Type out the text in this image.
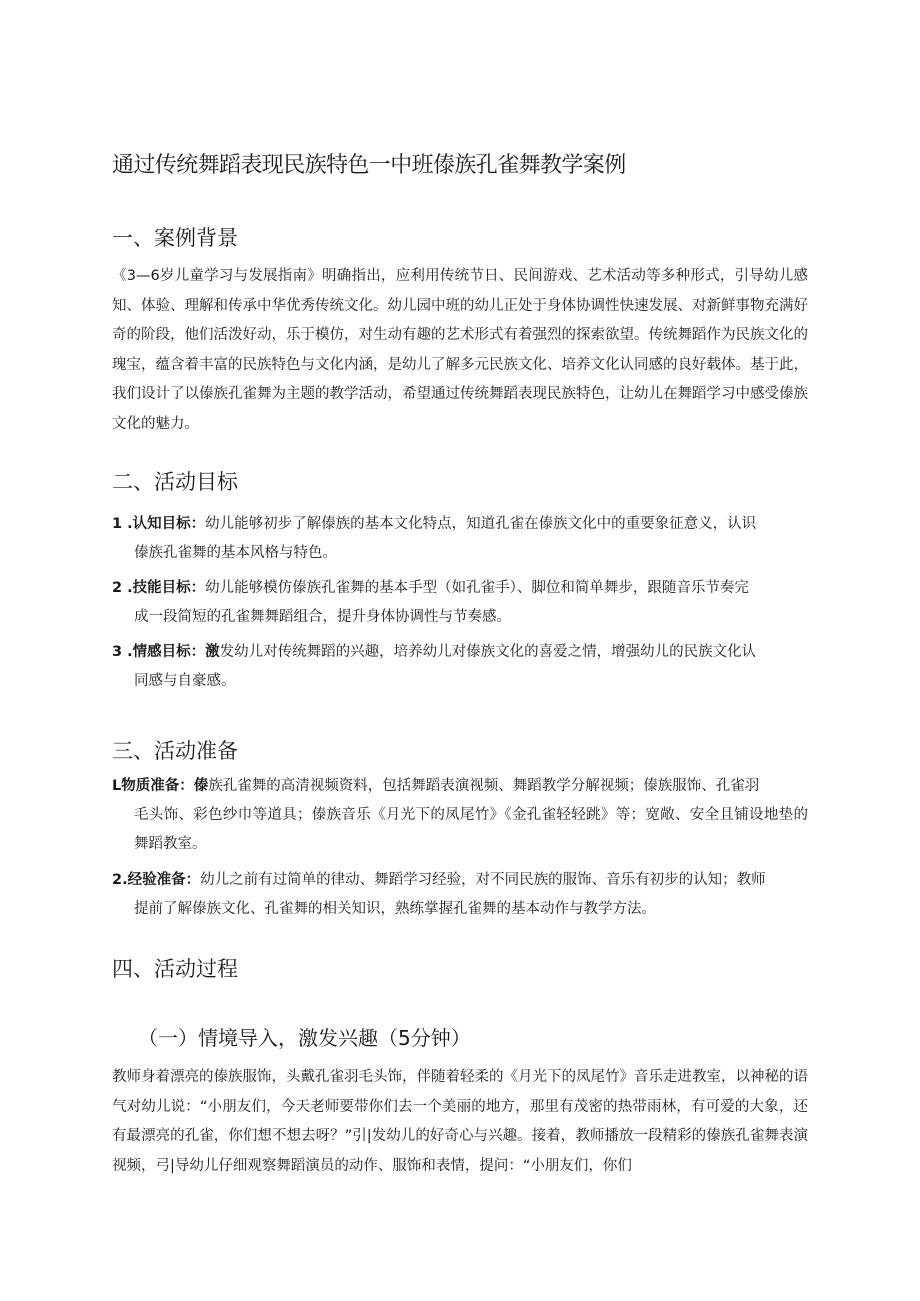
通过传统舞蹈表现民族特色一中班傣族孔雀舞教学案例
一、案例背景
《3—6岁儿童学习与发展指南》明确指出，应利用传统节日、民间游戏、艺术活动等多种形式，引导幼儿感知、体验、理解和传承中华优秀传统文化。幼儿园中班的幼儿正处于身体协调性快速发展、对新鲜事物充满好奇的阶段，他们活泼好动，乐于模仿，对生动有趣的艺术形式有着强烈的探索欲望。传统舞蹈作为民族文化的瑰宝，蕴含着丰富的民族特色与文化内涵，是幼儿了解多元民族文化、培养文化认同感的良好载体。基于此，我们设计了以傣族孔雀舞为主题的教学活动，希望通过传统舞蹈表现民族特色，让幼儿在舞蹈学习中感受傣族文化的魅力。
二、活动目标
1 .认知目标：幼儿能够初步了解傣族的基本文化特点，知道孔雀在傣族文化中的重要象征意义，认识
傣族孔雀舞的基本风格与特色。
2 .技能目标：幼儿能够模仿傣族孔雀舞的基本手型（如孔雀手）、脚位和简单舞步，跟随音乐节奏完
成一段简短的孔雀舞舞蹈组合，提升身体协调性与节奏感。
3 .情感目标：激发幼儿对传统舞蹈的兴趣，培养幼儿对傣族文化的喜爱之情，增强幼儿的民族文化认
同感与自豪感。
三、活动准备
L物质准备：傣族孔雀舞的高清视频资料，包括舞蹈表演视频、舞蹈教学分解视频；傣族服饰、孔雀羽
毛头饰、彩色纱巾等道具；傣族音乐《月光下的凤尾竹》《金孔雀轻轻跳》等；宽敞、安全且铺设地垫的舞蹈教室。
2.经验准备：幼儿之前有过简单的律动、舞蹈学习经验，对不同民族的服饰、音乐有初步的认知；教师
提前了解傣族文化、孔雀舞的相关知识，熟练掌握孔雀舞的基本动作与教学方法。
四、活动过程
（一）情境导入，激发兴趣（5分钟）
教师身着漂亮的傣族服饰，头戴孔雀羽毛头饰，伴随着轻柔的《月光下的凤尾竹》音乐走进教室，以神秘的语气对幼儿说：“小朋友们，今天老师要带你们去一个美丽的地方，那里有茂密的热带雨林，有可爱的大象，还有最漂亮的孔雀，你们想不想去呀？”引|发幼儿的好奇心与兴趣。接着，教师播放一段精彩的傣族孔雀舞表演视频，弓|导幼儿仔细观察舞蹈演员的动作、服饰和表情，提问：“小朋友们，你们
